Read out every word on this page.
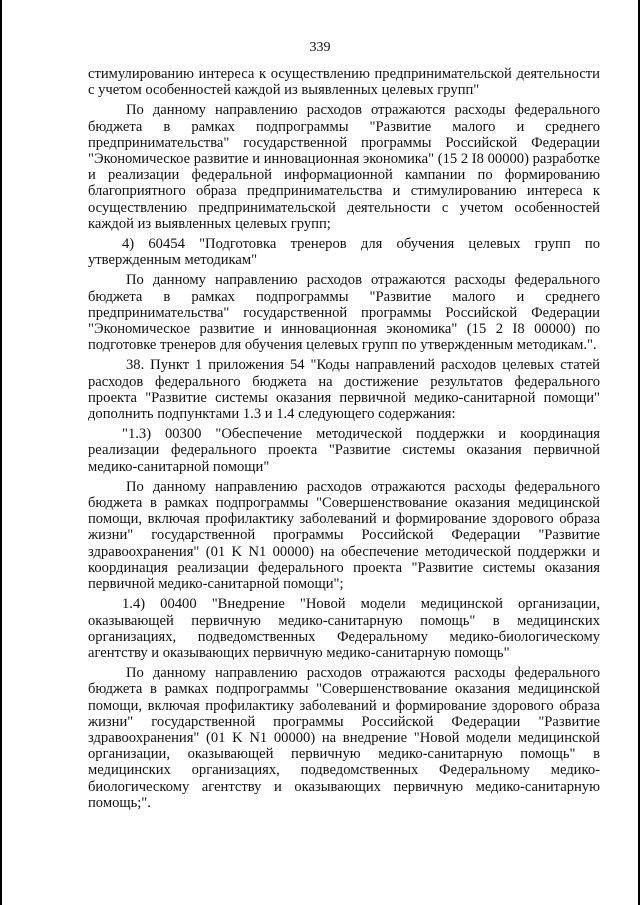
339

стимулированию интереса к осуществлению предпринимательской деятельности с учетом особенностей каждой из выявленных целевых групп"

По данному направлению расходов отражаются расходы федерального бюджета в рамках подпрограммы "Развитие малого и среднего предпринимательства" государственной программы Российской Федерации "Экономическое развитие и инновационная экономика" (15 2 I8 00000) разработке и реализации федеральной информационной кампании по формированию благоприятного образа предпринимательства и стимулированию интереса к осуществлению предпринимательской деятельности с учетом особенностей каждой из выявленных целевых групп;

4) 60454 "Подготовка тренеров для обучения целевых групп по утвержденным методикам"

По данному направлению расходов отражаются расходы федерального бюджета в рамках подпрограммы "Развитие малого и среднего предпринимательства" государственной программы Российской Федерации "Экономическое развитие и инновационная экономика" (15 2 I8 00000) по подготовке тренеров для обучения целевых групп по утвержденным методикам.".

38. Пункт 1 приложения 54 "Коды направлений расходов целевых статей расходов федерального бюджета на достижение результатов федерального проекта "Развитие системы оказания первичной медико-санитарной помощи" дополнить подпунктами 1.3 и 1.4 следующего содержания:

"1.3) 00300 "Обеспечение методической поддержки и координация реализации федерального проекта "Развитие системы оказания первичной медико-санитарной помощи"

По данному направлению расходов отражаются расходы федерального бюджета в рамках подпрограммы "Совершенствование оказания медицинской помощи, включая профилактику заболеваний и формирование здорового образа жизни" государственной программы Российской Федерации "Развитие здравоохранения" (01 K N1 00000) на обеспечение методической поддержки и координация реализации федерального проекта "Развитие системы оказания первичной медико-санитарной помощи";

1.4) 00400 "Внедрение "Новой модели медицинской организации, оказывающей первичную медико-санитарную помощь" в медицинских организациях, подведомственных Федеральному медико-биологическому агентству и оказывающих первичную медико-санитарную помощь"

По данному направлению расходов отражаются расходы федерального бюджета в рамках подпрограммы "Совершенствование оказания медицинской помощи, включая профилактику заболеваний и формирование здорового образа жизни" государственной программы Российской Федерации "Развитие здравоохранения" (01 K N1 00000) на внедрение "Новой модели медицинской организации, оказывающей первичную медико-санитарную помощь" в медицинских организациях, подведомственных Федеральному медико-биологическому агентству и оказывающих первичную медико-санитарную помощь;".
